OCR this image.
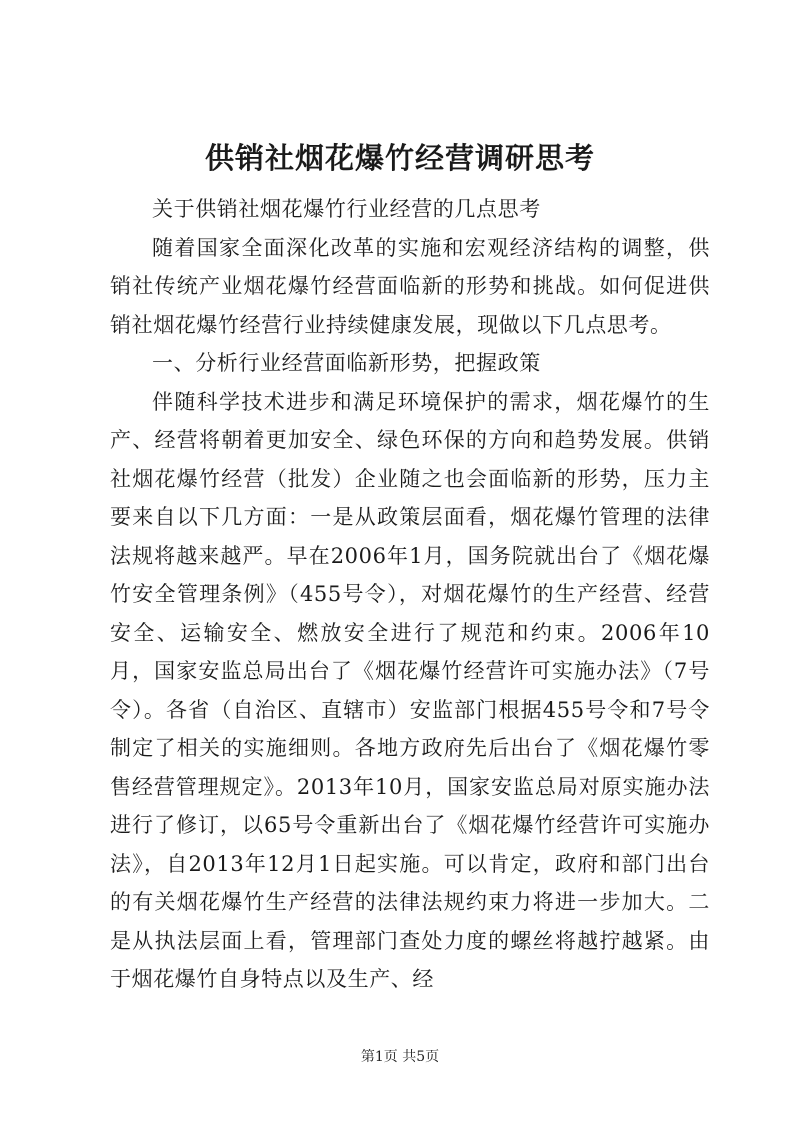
供销社烟花爆竹经营调研思考

关于供销社烟花爆竹行业经营的几点思考

随着国家全面深化改革的实施和宏观经济结构的调整，供销社传统产业烟花爆竹经营面临新的形势和挑战。如何促进供销社烟花爆竹经营行业持续健康发展，现做以下几点思考。

一、分析行业经营面临新形势，把握政策

伴随科学技术进步和满足环境保护的需求，烟花爆竹的生产、经营将朝着更加安全、绿色环保的方向和趋势发展。供销社烟花爆竹经营（批发）企业随之也会面临新的形势，压力主要来自以下几方面：一是从政策层面看，烟花爆竹管理的法律法规将越来越严。早在2006年1月，国务院就出台了《烟花爆竹安全管理条例》（455号令），对烟花爆竹的生产经营、经营安全、运输安全、燃放安全进行了规范和约束。2006年10月，国家安监总局出台了《烟花爆竹经营许可实施办法》（7号令）。各省（自治区、直辖市）安监部门根据455号令和7号令制定了相关的实施细则。各地方政府先后出台了《烟花爆竹零售经营管理规定》。2013年10月，国家安监总局对原实施办法进行了修订，以65号令重新出台了《烟花爆竹经营许可实施办法》，自2013年12月1日起实施。可以肯定，政府和部门出台的有关烟花爆竹生产经营的法律法规约束力将进一步加大。二是从执法层面上看，管理部门查处力度的螺丝将越拧越紧。由于烟花爆竹自身特点以及生产、经

第1页 共5页
